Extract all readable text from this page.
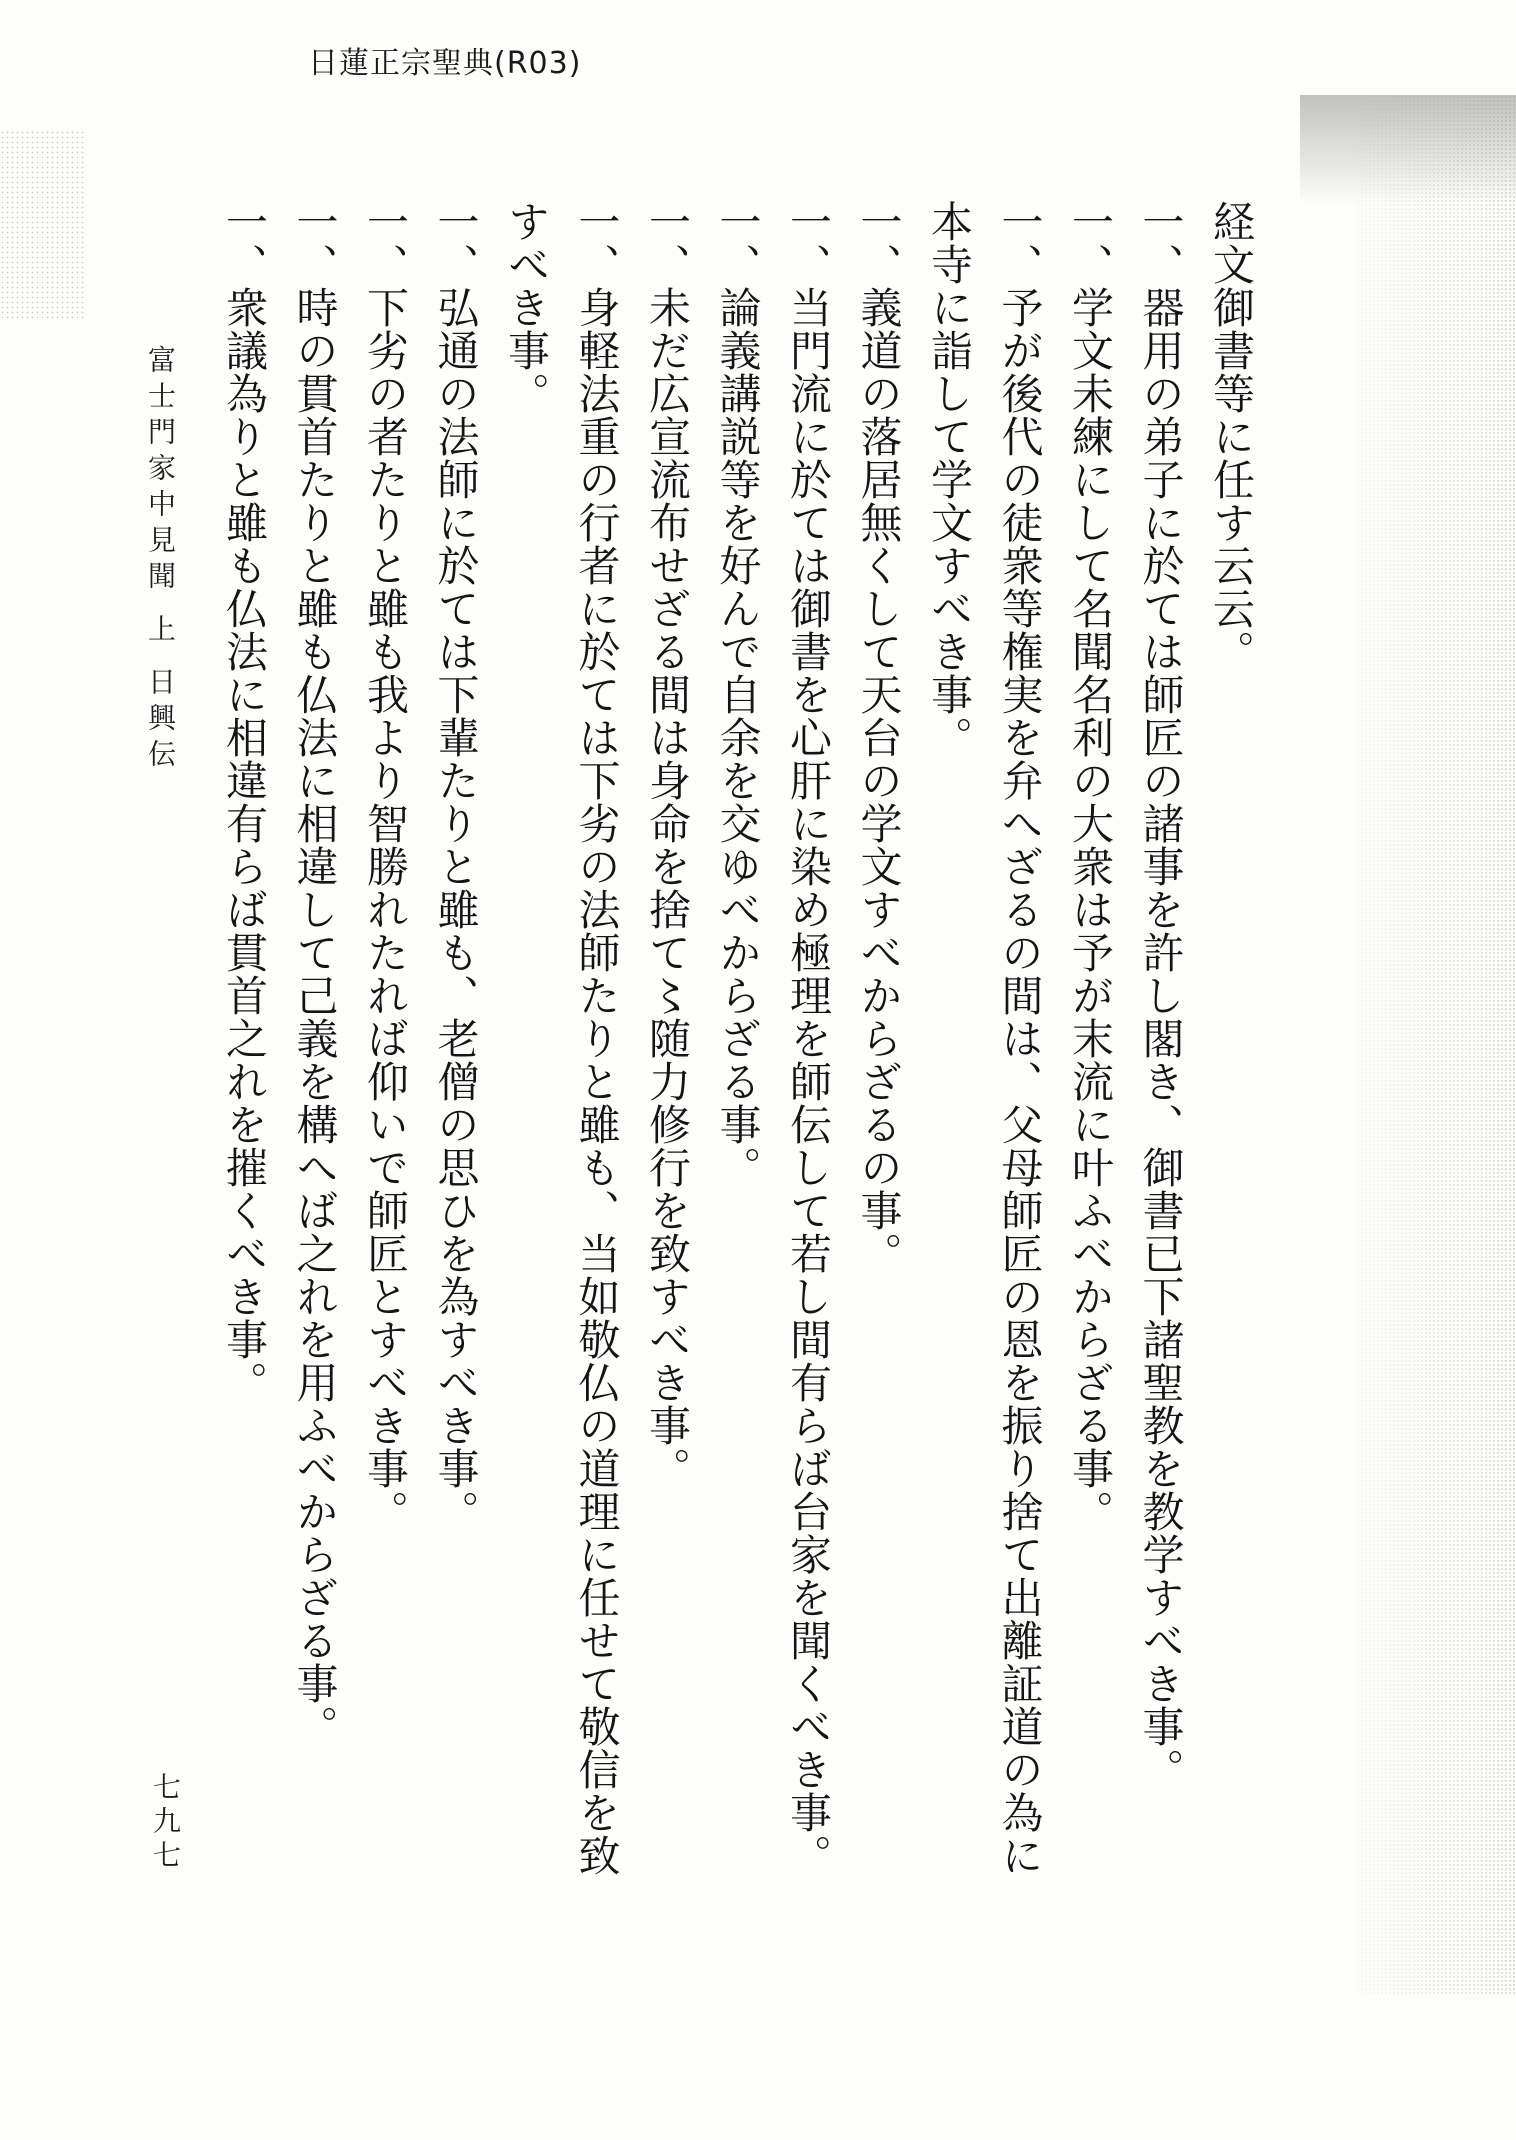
日蓮正宗聖典(R03)
経文御書等に任す云云。
一、器用の弟子に於ては師匠の諸事を許し閣き、御書已下諸聖教を教学すべき事。
一、学文未練にして名聞名利の大衆は予が末流に叶ふべからざる事。
一、予が後代の徒衆等権実を弁へざるの間は、父母師匠の恩を振り捨て出離証道の為に
本寺に詣して学文すべき事。
一、義道の落居無くして天台の学文すべからざるの事。
一、当門流に於ては御書を心肝に染め極理を師伝して若し間有らば台家を聞くべき事。
一、論義講説等を好んで自余を交ゆべからざる事。
一、未だ広宣流布せざる間は身命を捨て〻随力修行を致すべき事。
一、身軽法重の行者に於ては下劣の法師たりと雖も、当如敬仏の道理に任せて敬信を致
すべき事。
一、弘通の法師に於ては下輩たりと雖も、老僧の思ひを為すべき事。
一、下劣の者たりと雖も我より智勝れたれば仰いで師匠とすべき事。
一、時の貫首たりと雖も仏法に相違して己義を構へば之れを用ふべからざる事。
一、衆議為りと雖も仏法に相違有らば貫首之れを摧くべき事。
富士門家中見聞 上 日興伝
七九七
